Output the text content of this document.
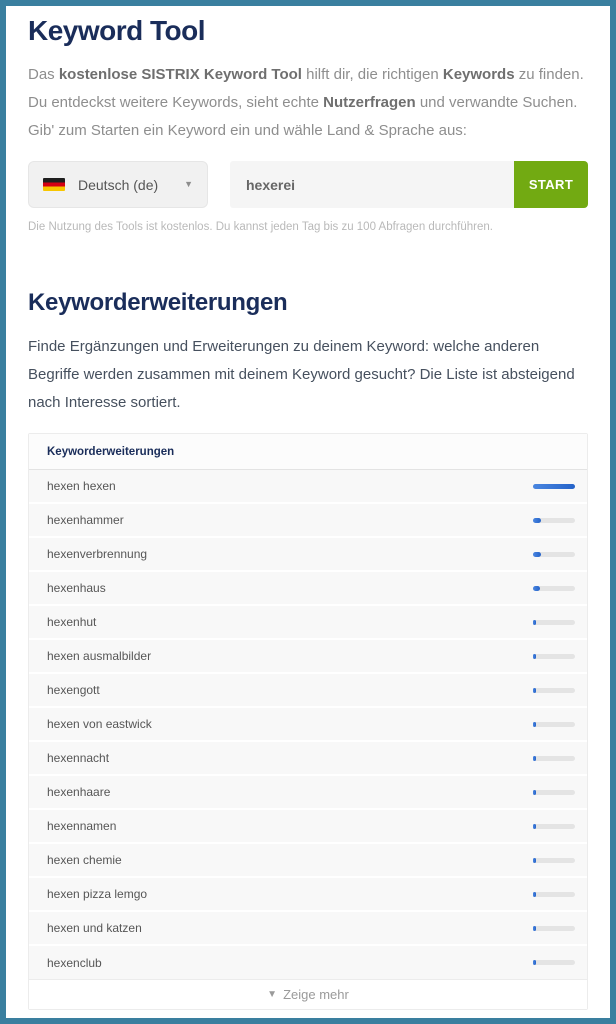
Keyword Tool

Das kostenlose SISTRIX Keyword Tool hilft dir, die richtigen Keywords zu finden. Du entdeckst weitere Keywords, sieht echte Nutzerfragen und verwandte Suchen. Gib' zum Starten ein Keyword ein und wähle Land & Sprache aus:

Deutsch (de)	▼
hexerei	START

Die Nutzung des Tools ist kostenlos. Du kannst jeden Tag bis zu 100 Abfragen durchführen.

Keyworderweiterungen

Finde Ergänzungen und Erweiterungen zu deinem Keyword: welche anderen Begriffe werden zusammen mit deinem Keyword gesucht? Die Liste ist absteigend nach Interesse sortiert.

Keyworderweiterungen
hexen hexen
hexenhammer
hexenverbrennung
hexenhaus
hexenhut
hexen ausmalbilder
hexengott
hexen von eastwick
hexennacht
hexenhaare
hexennamen
hexen chemie
hexen pizza lemgo
hexen und katzen
hexenclub
▼ Zeige mehr
